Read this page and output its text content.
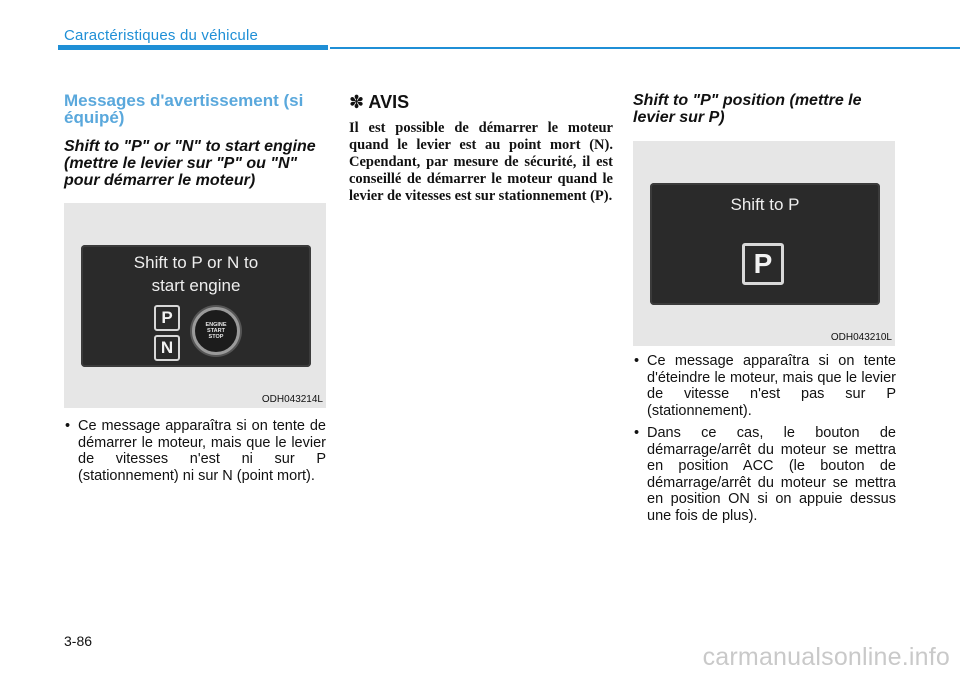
Caractéristiques du véhicule
Messages d'avertissement (si équipé)
Shift to "P" or "N" to start engine (mettre le levier sur "P" ou "N" pour démarrer le moteur)
Shift to P or N to
start engine
P
N
ENGINE
START
STOP
ODH043214L
• Ce message apparaîtra si on tente de démarrer le moteur, mais que le levier de vitesses n'est ni sur P (stationnement) ni sur N (point mort).
✽ AVIS

Il est possible de démarrer le moteur quand le levier est au point mort (N). Cependant, par mesure de sécurité, il est conseillé de démarrer le moteur quand le levier de vitesses est sur stationnement (P).

Shift to "P" position (mettre le levier sur P)
Shift to P
P
ODH043210L
• Ce message apparaîtra si on tente d'éteindre le moteur, mais que le levier de vitesse n'est pas sur P (stationnement).
• Dans ce cas, le bouton de démarrage/arrêt du moteur se mettra en position ACC (le bouton de démarrage/arrêt du moteur se mettra en position ON si on appuie dessus une fois de plus).
3-86
carmanualsonline.info
